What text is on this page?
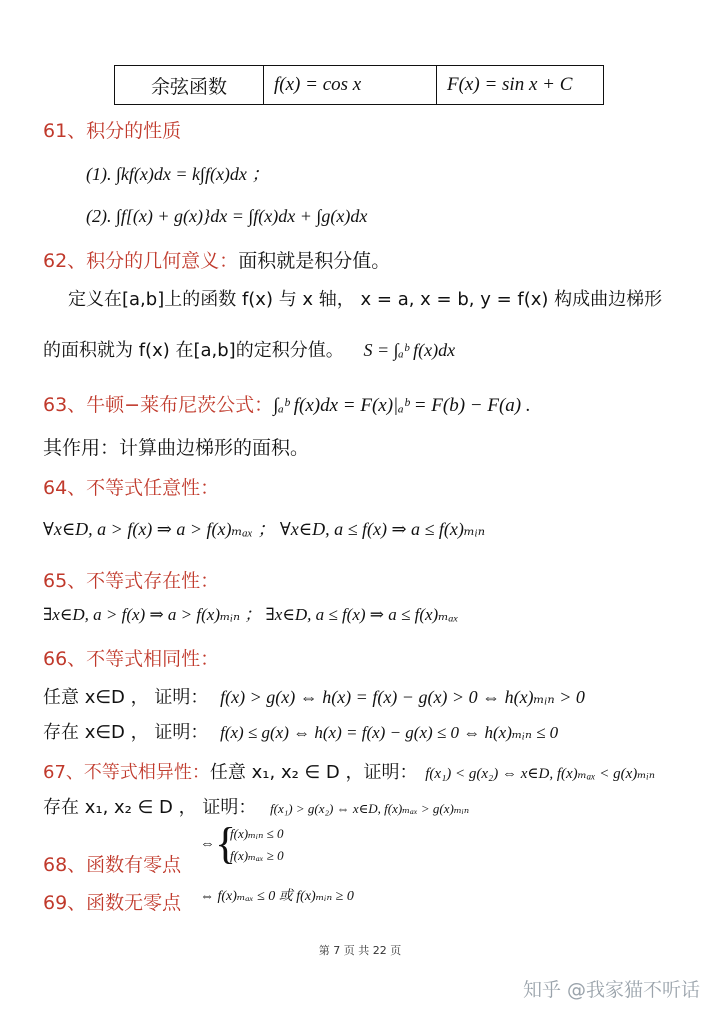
余弦函数	f(x) = cos x	F(x) = sin x + C
61、积分的性质
(1). ∫kf(x)dx = k∫f(x)dx ；
(2). ∫f[(x) + g(x)}dx = ∫f(x)dx + ∫g(x)dx
62、积分的几何意义：面积就是积分值。
定义在[a,b]上的函数 f(x) 与 x 轴， x = a, x = b, y = f(x) 构成曲边梯形
的面积就为 f(x) 在[a,b]的定积分值。 S = ∫ₐᵇ f(x)dx
63、牛顿−莱布尼茨公式：∫ₐᵇ f(x)dx = F(x)|ₐᵇ = F(b) − F(a) .
其作用：计算曲边梯形的面积。
64、不等式任意性：
∀x∈D, a > f(x) ⇒ a > f(x)ₘₐₓ ； ∀x∈D, a ≤ f(x) ⇒ a ≤ f(x)ₘᵢₙ
65、不等式存在性：
∃x∈D, a > f(x) ⇒ a > f(x)ₘᵢₙ ； ∃x∈D, a ≤ f(x) ⇒ a ≤ f(x)ₘₐₓ
66、不等式相同性：
任意 x∈D ， 证明： f(x) > g(x) ⇔ h(x) = f(x) − g(x) > 0 ⇔ h(x)ₘᵢₙ > 0
存在 x∈D ， 证明： f(x) ≤ g(x) ⇔ h(x) = f(x) − g(x) ≤ 0 ⇔ h(x)ₘᵢₙ ≤ 0
67、不等式相异性：任意 x₁, x₂ ∈ D ，证明： f(x₁) < g(x₂) ⇔ x∈D, f(x)ₘₐₓ < g(x)ₘᵢₙ
存在 x₁, x₂ ∈ D ， 证明： f(x₁) > g(x₂) ⇔ x∈D, f(x)ₘₐₓ > g(x)ₘᵢₙ
68、函数有零点
⇔ {
f(x)ₘᵢₙ ≤ 0
f(x)ₘₐₓ ≥ 0
69、函数无零点 ⇔ f(x)ₘₐₓ ≤ 0 或 f(x)ₘᵢₙ ≥ 0
第 7 页 共 22 页
知乎 @我家猫不听话
